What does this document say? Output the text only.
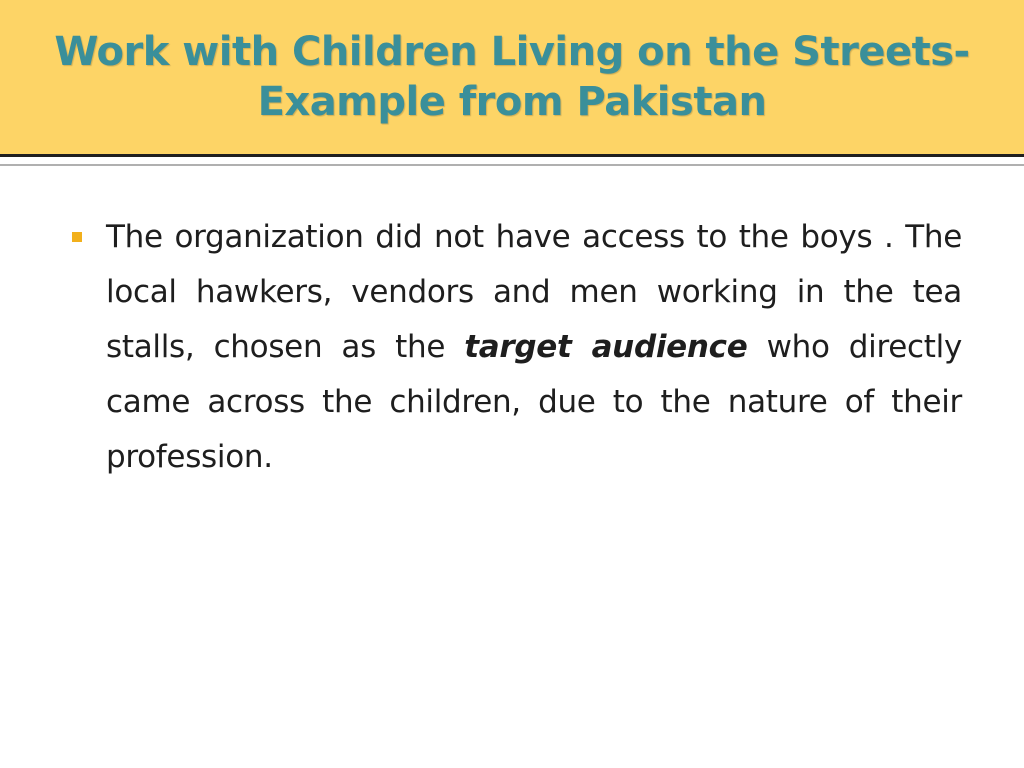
Work with Children Living on the Streets-Example from Pakistan

The organization did not have access to the boys . The local hawkers, vendors and men working in the tea stalls, chosen as the target audience who directly came across the children, due to the nature of their profession.
